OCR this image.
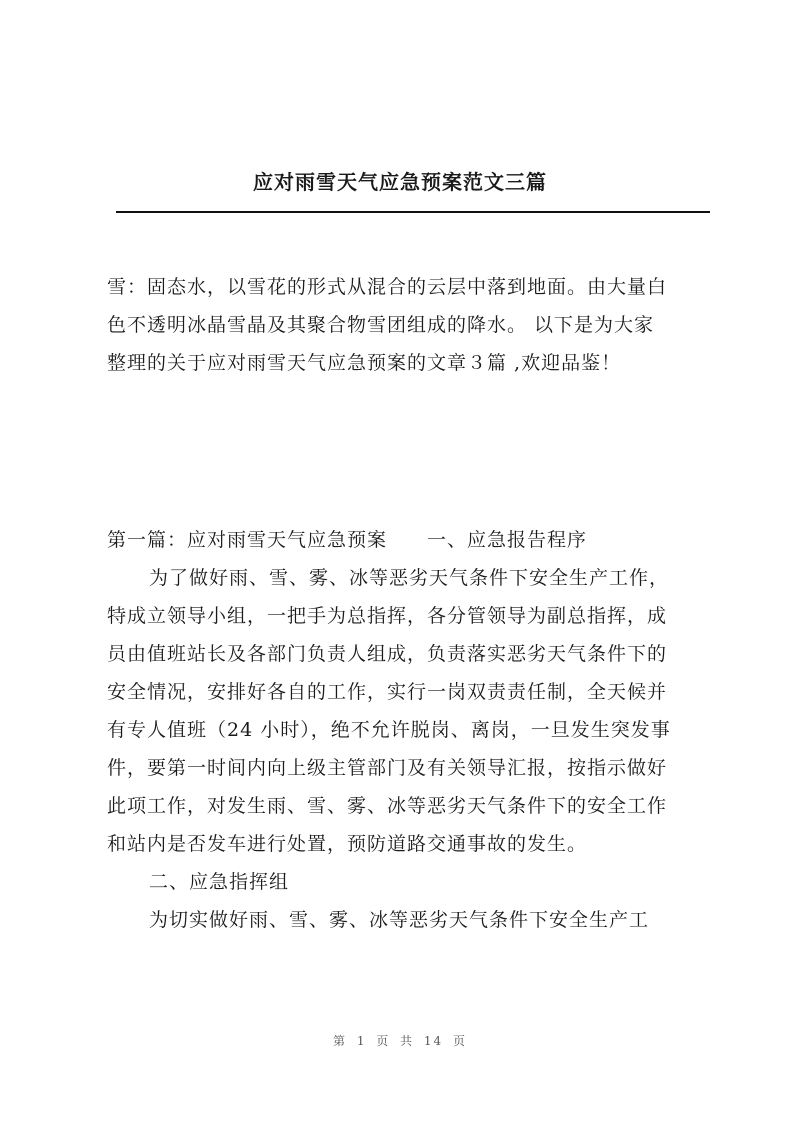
应对雨雪天气应急预案范文三篇
雪：固态水，以雪花的形式从混合的云层中落到地面。由大量白
色不透明冰晶雪晶及其聚合物雪团组成的降水。 以下是为大家
整理的关于应对雨雪天气应急预案的文章３篇 ,欢迎品鉴！
第一篇：应对雨雪天气应急预案 一、应急报告程序
为了做好雨、雪、雾、冰等恶劣天气条件下安全生产工作，
特成立领导小组，一把手为总指挥，各分管领导为副总指挥，成
员由值班站长及各部门负责人组成，负责落实恶劣天气条件下的
安全情况，安排好各自的工作，实行一岗双责责任制，全天候并
有专人值班（24 小时），绝不允许脱岗、离岗，一旦发生突发事
件，要第一时间内向上级主管部门及有关领导汇报，按指示做好
此项工作，对发生雨、雪、雾、冰等恶劣天气条件下的安全工作
和站内是否发车进行处置，预防道路交通事故的发生。
二、应急指挥组
为切实做好雨、雪、雾、冰等恶劣天气条件下安全生产工
第 1 页 共 14 页
